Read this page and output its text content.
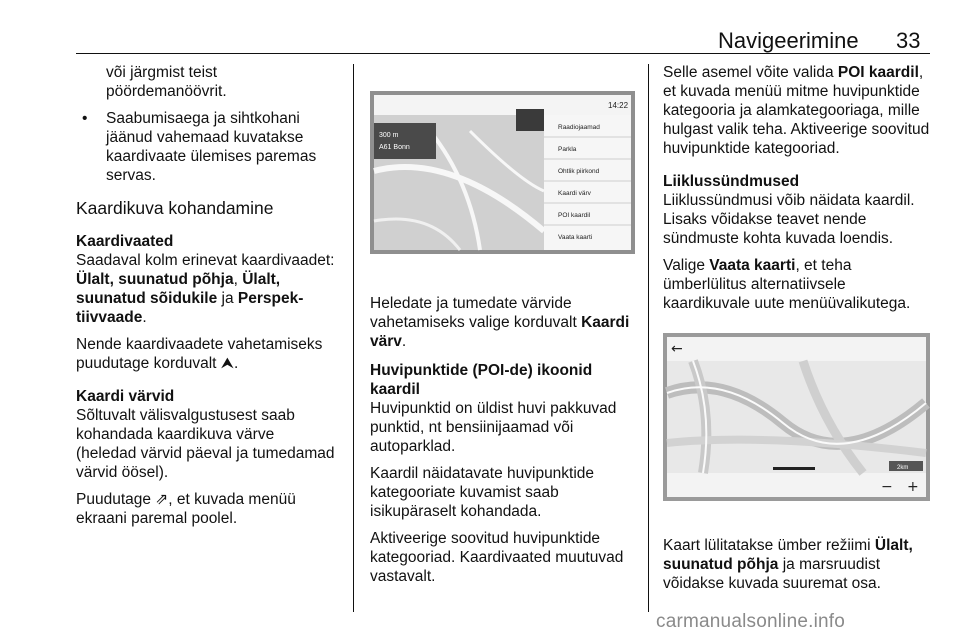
Navigeerimine 33

või järgmist teist pöördemanöövrit.

• Saabumisaega ja sihtkohani jäänud vahemaad kuvatakse kaardivaate ülemises paremas servas.

Kaardikuva kohandamine
Kaardivaated

Saadaval kolm erinevat kaardivaadet: Ülalt, suunatud põhja, Ülalt, suunatud sõidukile ja Perspektiivvaade.

Nende kaardivaadete vahetamiseks puudutage korduvalt ⮝.

Kaardi värvid

Sõltuvalt välisvalgustusest saab kohandada kaardikuva värve (heledad värvid päeval ja tumedamad värvid öösel).

Puudutage ⇗, et kuvada menüü ekraani paremal poolel.

14:22
300 m
A61 Bonn
Raadiojaamad
Parkla
Ohtlik piirkond
Kaardi värv
POI kaardil
Vaata kaarti

Heledate ja tumedate värvide vahetamiseks valige korduvalt Kaardi värv.

Huvipunktide (POI-de) ikoonid kaardil

Huvipunktid on üldist huvi pakkuvad punktid, nt bensiinijaamad või autoparklad.

Kaardil näidatavate huvipunktide kategooriate kuvamist saab isikupäraselt kohandada.

Aktiveerige soovitud huvipunktide kategooriad. Kaardivaated muutuvad vastavalt.

Selle asemel võite valida POI kaardil, et kuvada menüü mitme huvipunktide kategooria ja alamkategooriaga, mille hulgast valik teha. Aktiveerige soovitud huvipunktide kategooriad.

Liiklussündmused

Liiklussündmusi võib näidata kaardil. Lisaks võidakse teavet nende sündmuste kohta kuvada loendis.

Valige Vaata kaarti, et teha ümberlülitus alternatiivsele kaardikuvale uute menüüvalikutega.

←
2km
− +

Kaart lülitatakse ümber režiimi Ülalt, suunatud põhja ja marsruudist võidakse kuvada suuremat osa.

carmanualsonline.info
